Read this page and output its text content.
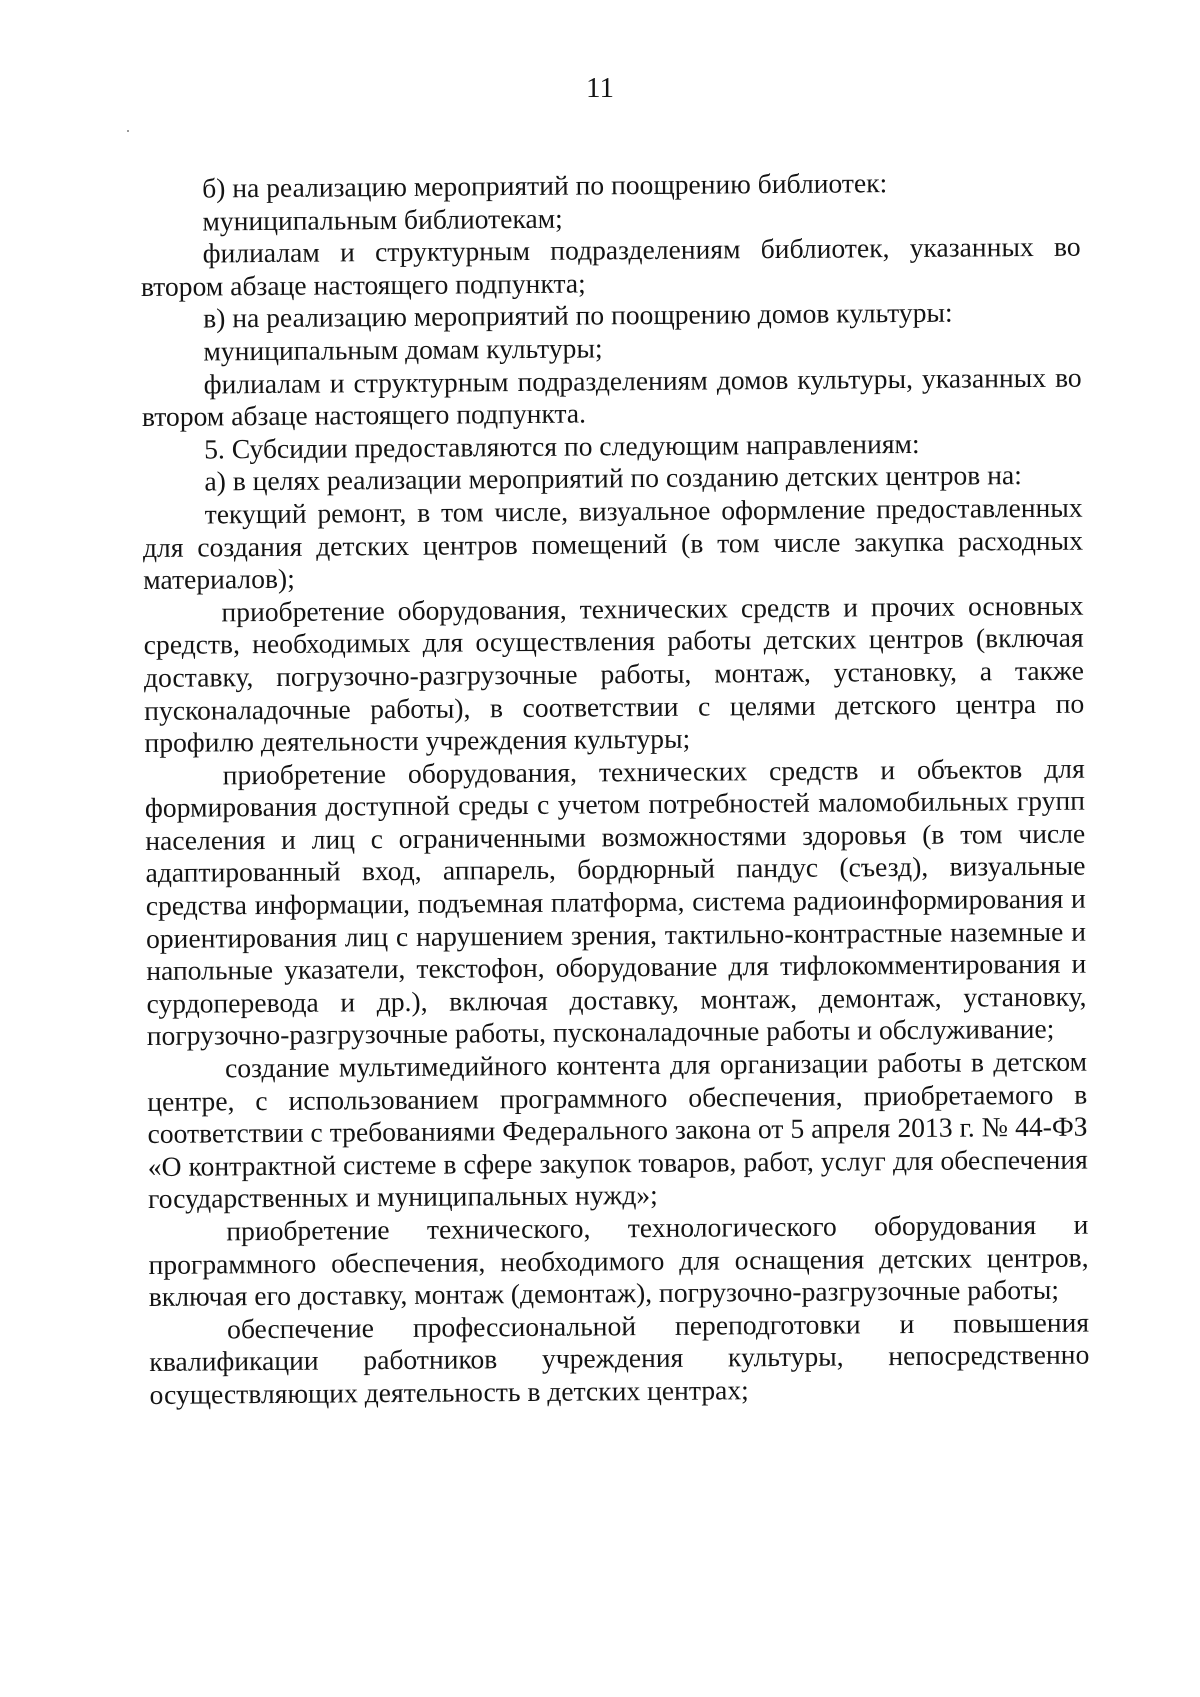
11

б) на реализацию мероприятий по поощрению библиотек:

муниципальным библиотекам;

филиалам и структурным подразделениям библиотек, указанных во втором абзаце настоящего подпункта;

в) на реализацию мероприятий по поощрению домов культуры:

муниципальным домам культуры;

филиалам и структурным подразделениям домов культуры, указанных во втором абзаце настоящего подпункта.

5. Субсидии предоставляются по следующим направлениям:

а) в целях реализации мероприятий по созданию детских центров на:

текущий ремонт, в том числе, визуальное оформление предоставленных для создания детских центров помещений (в том числе закупка расходных материалов);

приобретение оборудования, технических средств и прочих основных средств, необходимых для осуществления работы детских центров (включая доставку, погрузочно-разгрузочные работы, монтаж, установку, а также пусконаладочные работы), в соответствии с целями детского центра по профилю деятельности учреждения культуры;

приобретение оборудования, технических средств и объектов для формирования доступной среды с учетом потребностей маломобильных групп населения и лиц с ограниченными возможностями здоровья (в том числе адаптированный вход, аппарель, бордюрный пандус (съезд), визуальные средства информации, подъемная платформа, система радиоинформирования и ориентирования лиц с нарушением зрения, тактильно-контрастные наземные и напольные указатели, текстофон, оборудование для тифлокомментирования и сурдоперевода и др.), включая доставку, монтаж, демонтаж, установку, погрузочно-разгрузочные работы, пусконаладочные работы и обслуживание;

создание мультимедийного контента для организации работы в детском центре, с использованием программного обеспечения, приобретаемого в соответствии с требованиями Федерального закона от 5 апреля 2013 г. № 44-ФЗ «О контрактной системе в сфере закупок товаров, работ, услуг для обеспечения государственных и муниципальных нужд»;

приобретение технического, технологического оборудования и программного обеспечения, необходимого для оснащения детских центров, включая его доставку, монтаж (демонтаж), погрузочно-разгрузочные работы;

обеспечение профессиональной переподготовки и повышения квалификации работников учреждения культуры, непосредственно осуществляющих деятельность в детских центрах;
